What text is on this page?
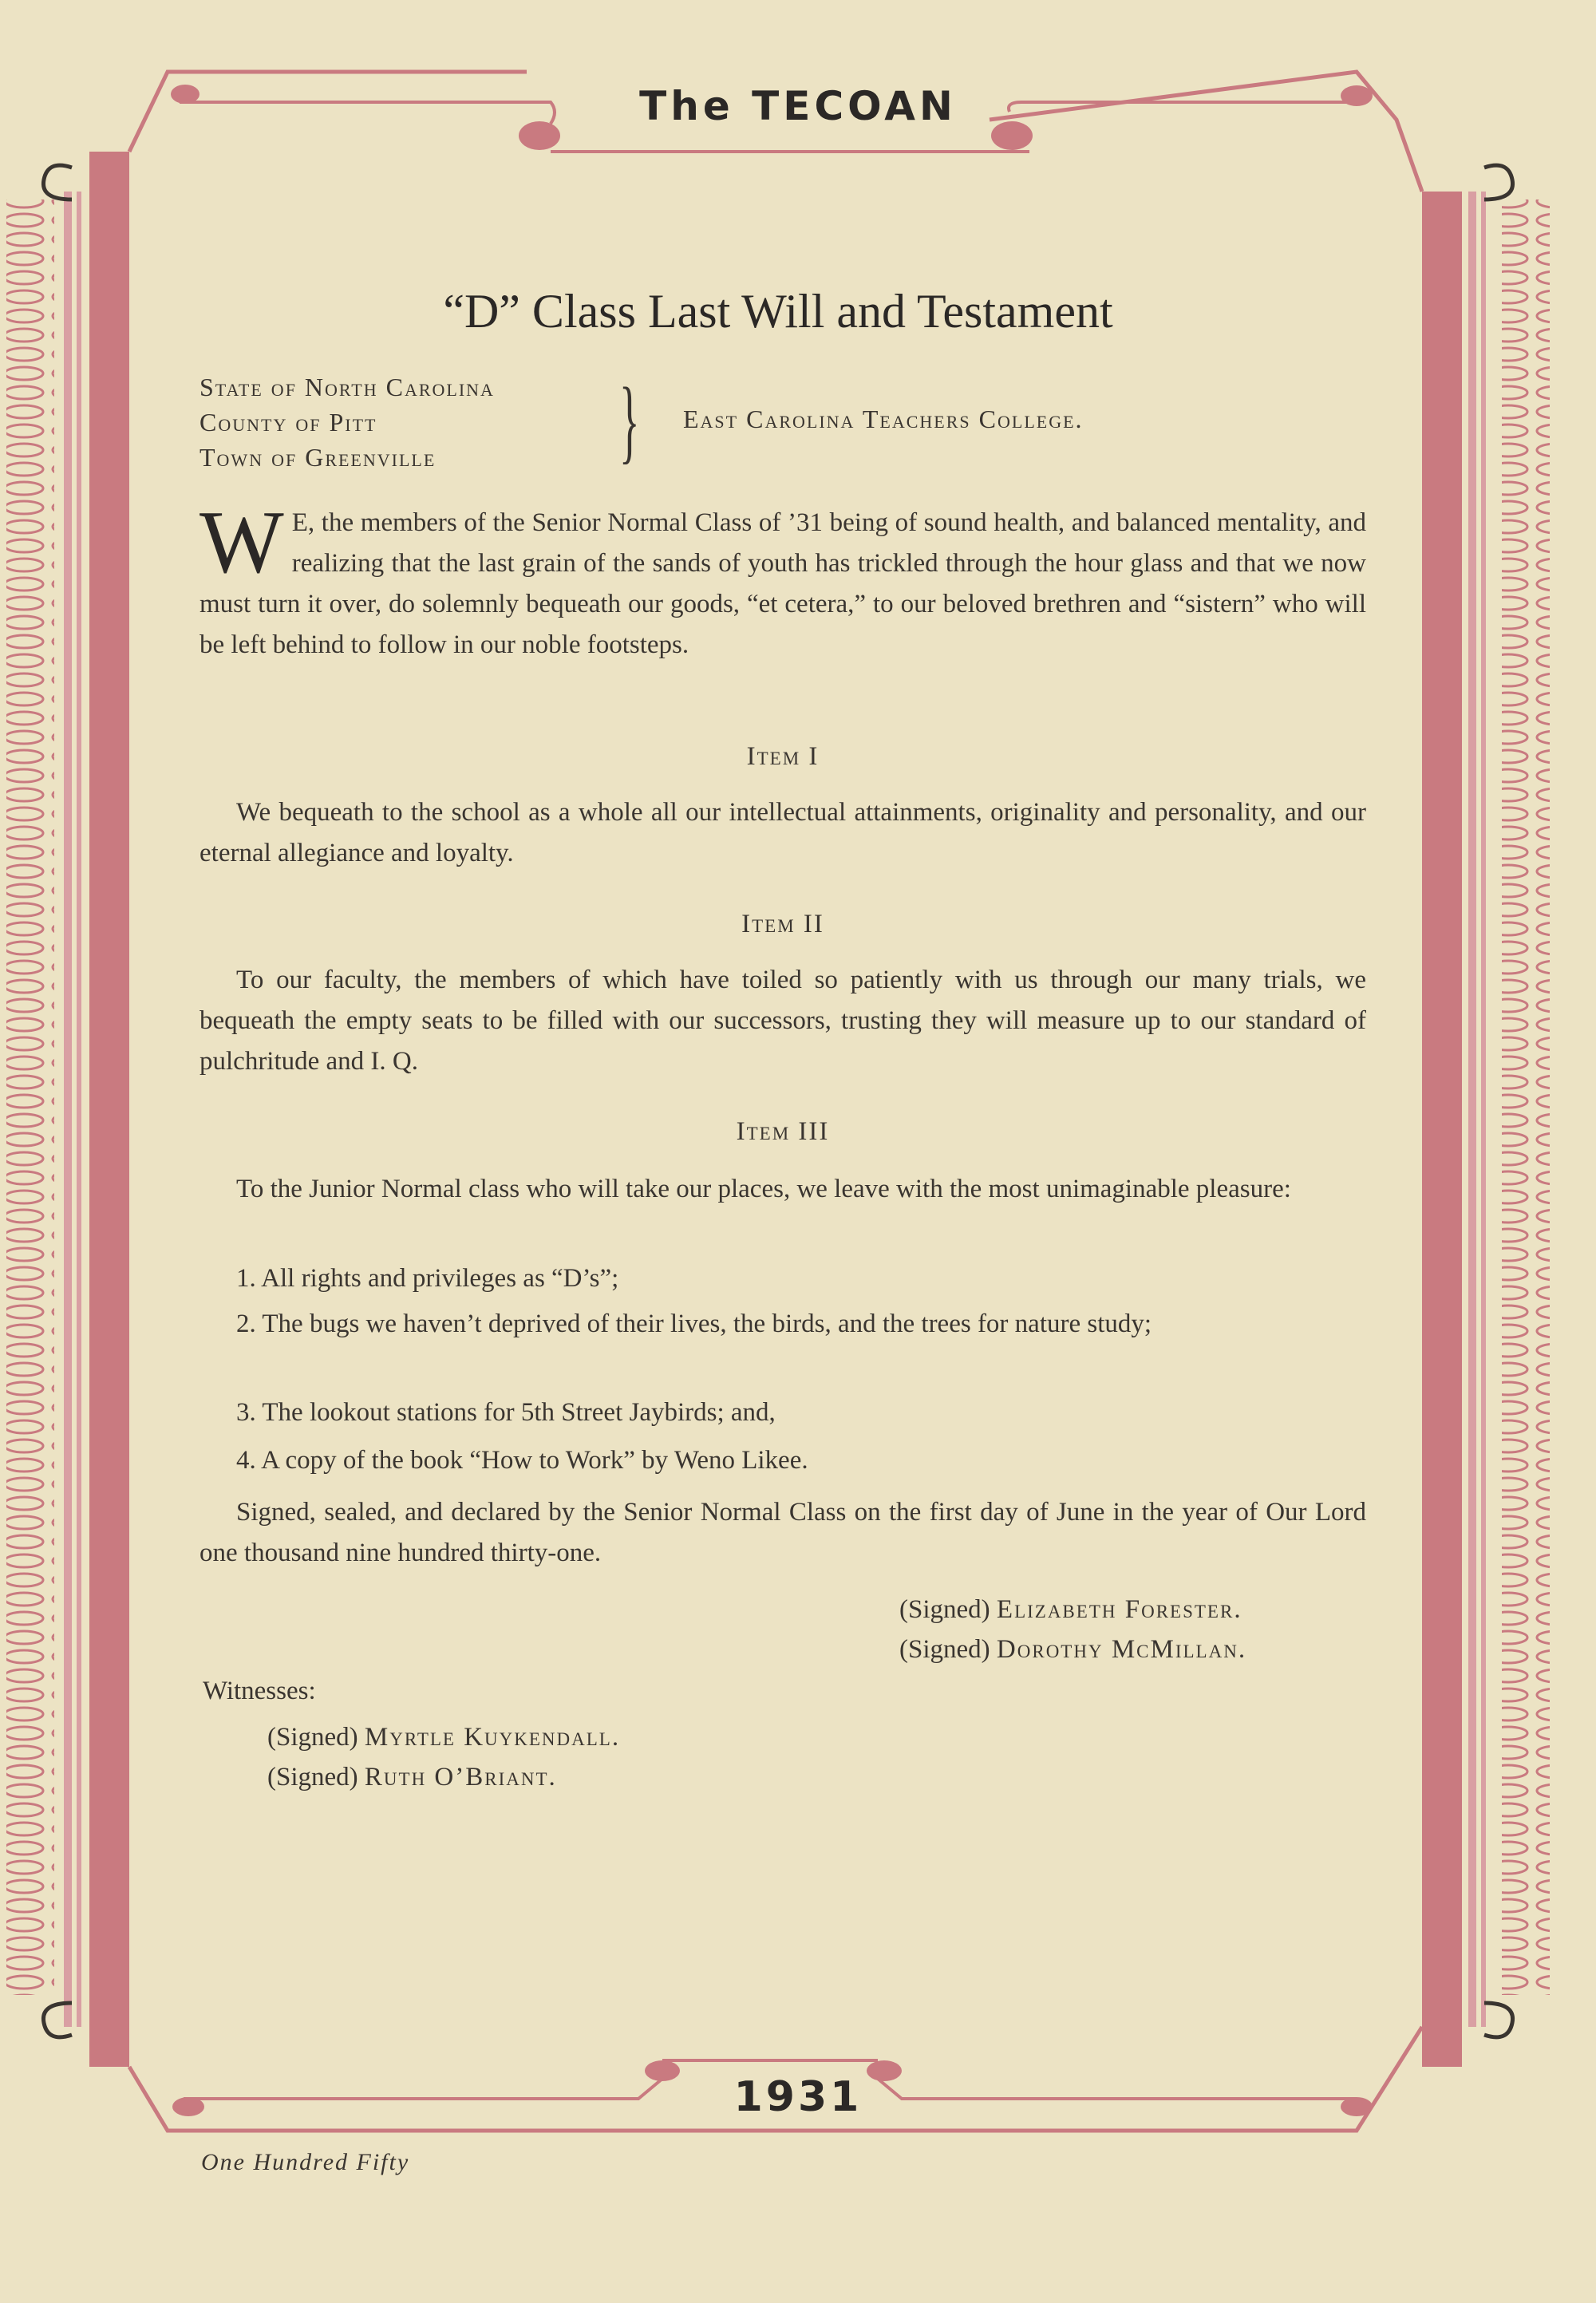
The TECOAN
“D” Class Last Will and Testament
State of North Carolina
County of Pitt
Town of Greenville	} East Carolina Teachers College.
W E, the members of the Senior Normal Class of ’31 being of sound health, and balanced mentality, and realizing that the last grain of the sands of youth has trickled through the hour glass and that we now must turn it over, do solemnly bequeath our goods, “et cetera,” to our beloved brethren and “sistern” who will be left behind to follow in our noble footsteps.
Item I
We bequeath to the school as a whole all our intellectual attainments, originality and personality, and our eternal allegiance and loyalty.
Item II
To our faculty, the members of which have toiled so patiently with us through our many trials, we bequeath the empty seats to be filled with our successors, trusting they will measure up to our standard of pulchritude and I. Q.
Item III
To the Junior Normal class who will take our places, we leave with the most unimaginable pleasure:
1. All rights and privileges as “D’s”;
2. The bugs we haven’t deprived of their lives, the birds, and the trees for nature study;
3. The lookout stations for 5th Street Jaybirds; and,
4. A copy of the book “How to Work” by Weno Likee.
Signed, sealed, and declared by the Senior Normal Class on the first day of June in the year of Our Lord one thousand nine hundred thirty-one.
(Signed) Elizabeth Forester.
(Signed) Dorothy McMillan.
Witnesses:
(Signed) Myrtle Kuykendall.
(Signed) Ruth O’Briant.
1931
One Hundred Fifty
